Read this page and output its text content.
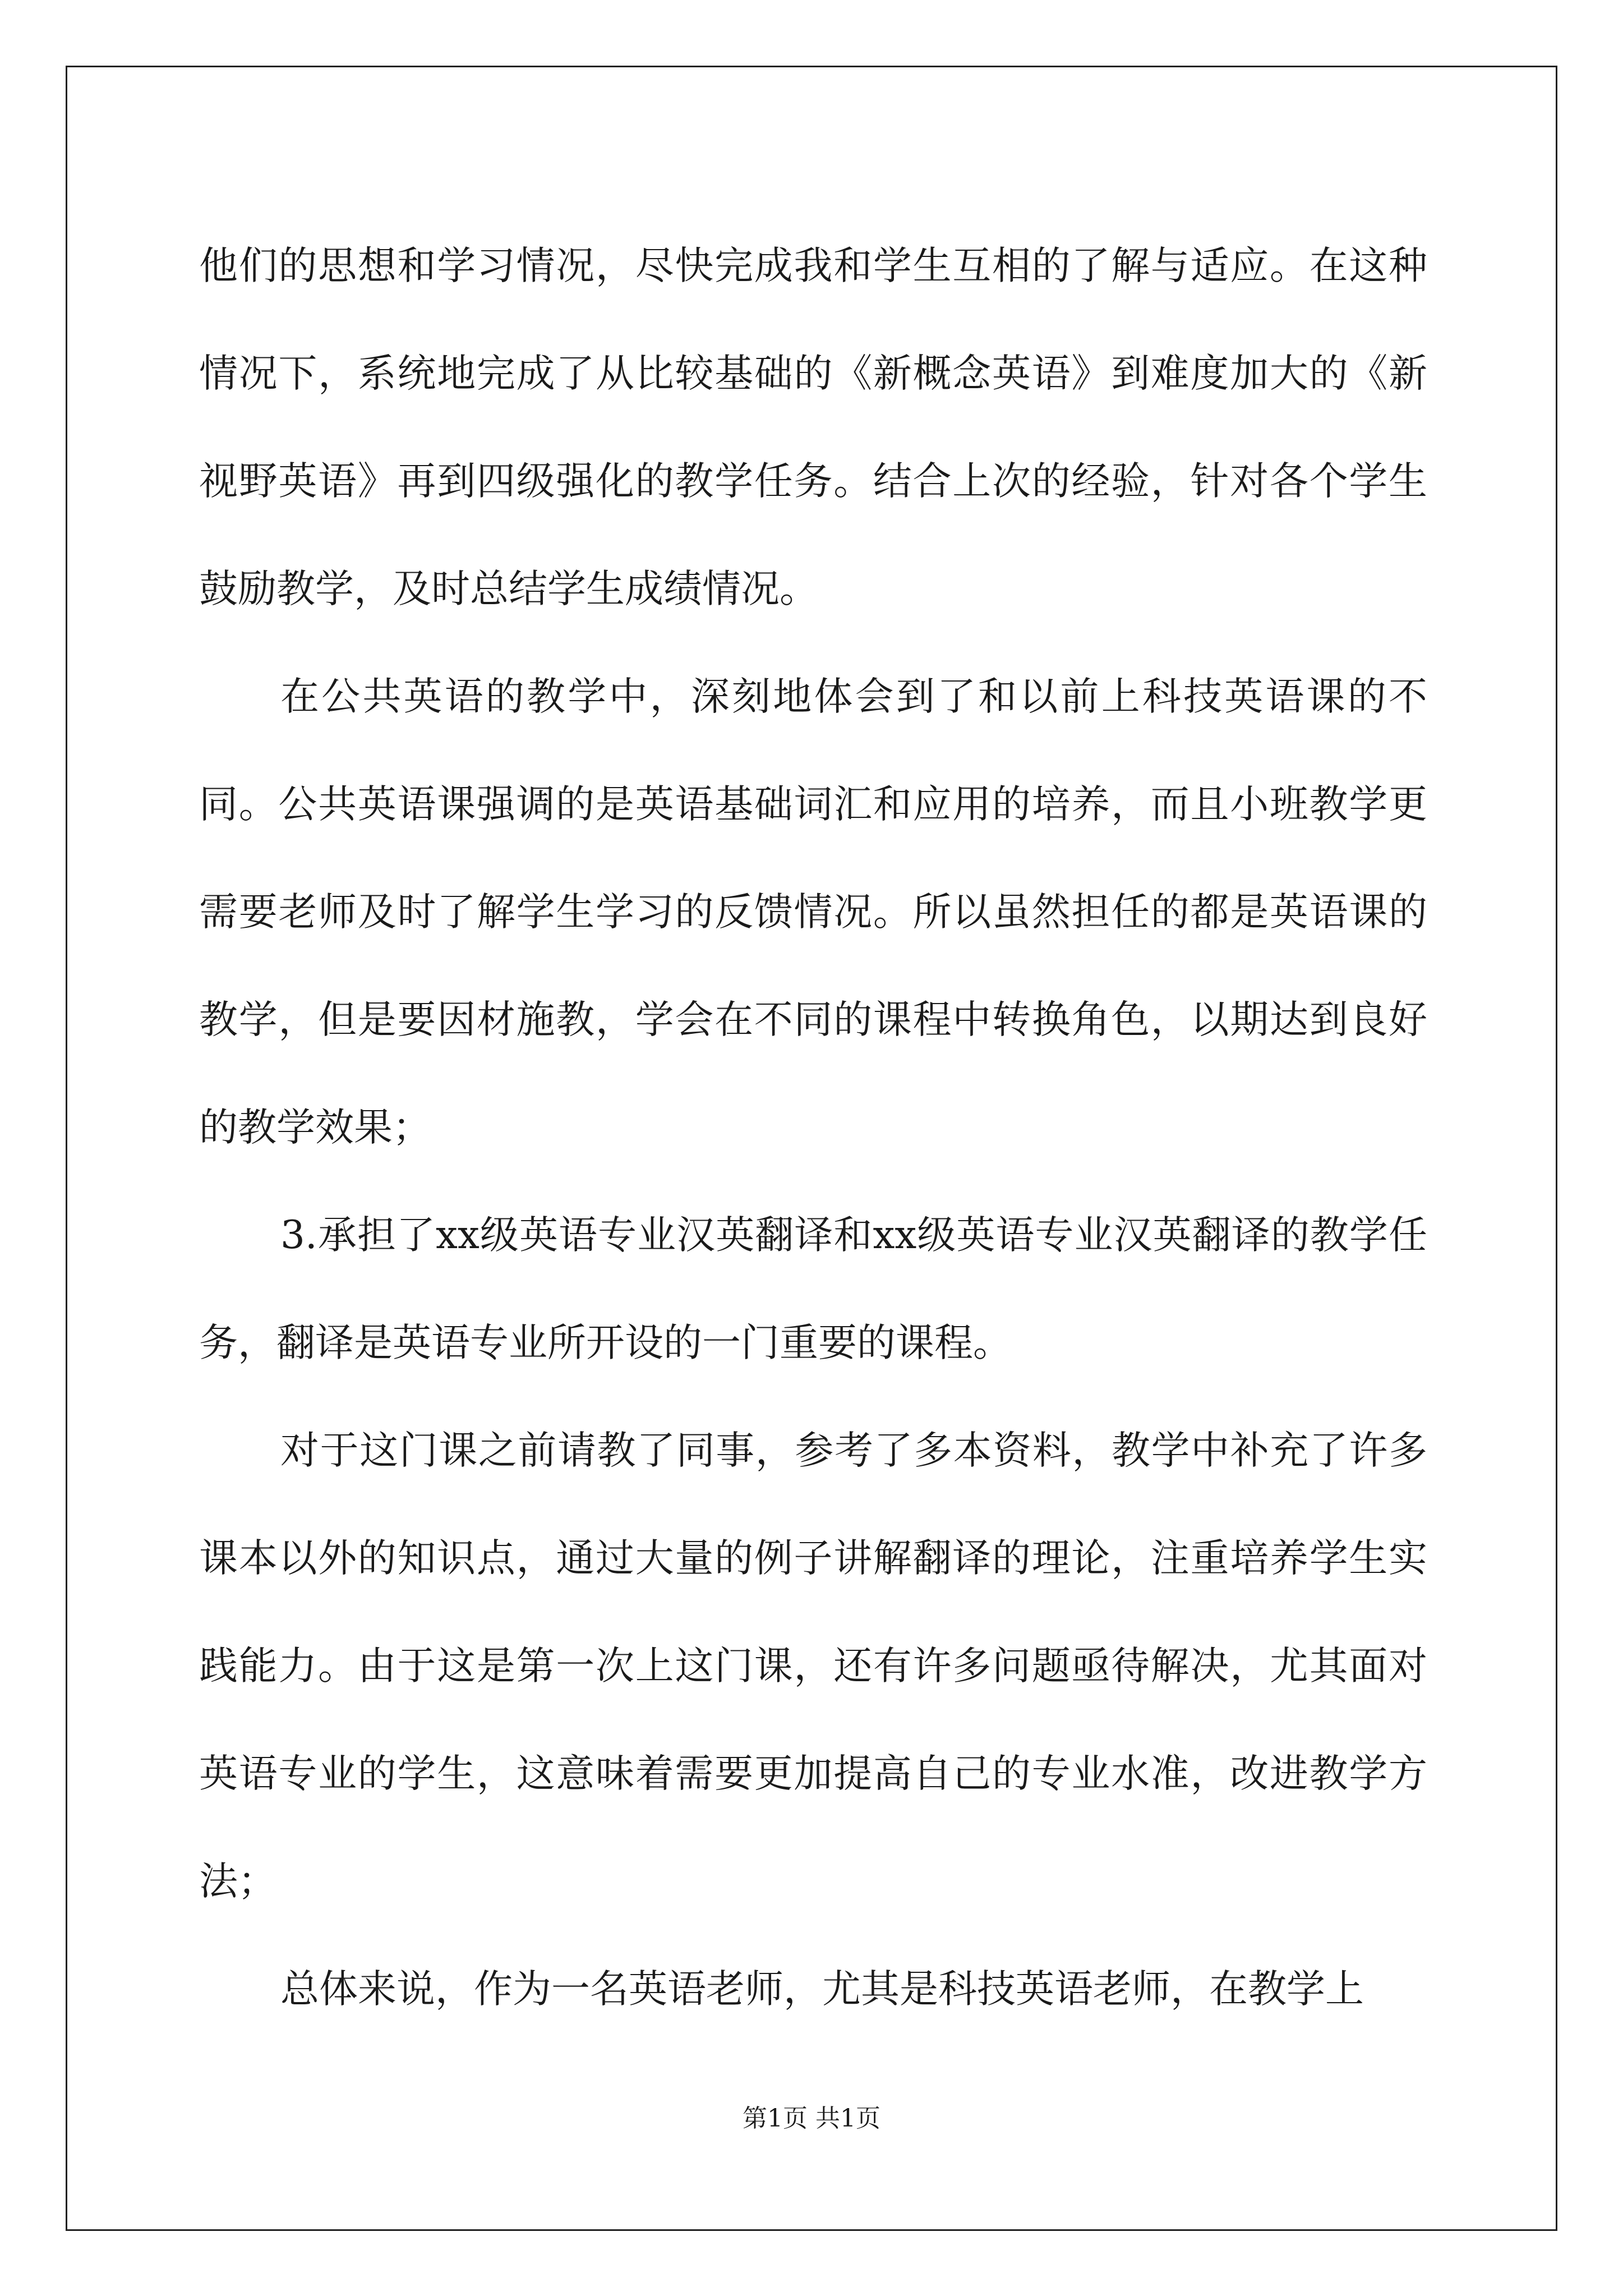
他们的思想和学习情况，尽快完成我和学生互相的了解与适应。在这种情况下，系统地完成了从比较基础的《新概念英语》到难度加大的《新视野英语》再到四级强化的教学任务。结合上次的经验，针对各个学生鼓励教学，及时总结学生成绩情况。

在公共英语的教学中，深刻地体会到了和以前上科技英语课的不同。公共英语课强调的是英语基础词汇和应用的培养，而且小班教学更需要老师及时了解学生学习的反馈情况。所以虽然担任的都是英语课的教学，但是要因材施教，学会在不同的课程中转换角色，以期达到良好的教学效果；

3.承担了xx级英语专业汉英翻译和xx级英语专业汉英翻译的教学任务，翻译是英语专业所开设的一门重要的课程。

对于这门课之前请教了同事，参考了多本资料，教学中补充了许多课本以外的知识点，通过大量的例子讲解翻译的理论，注重培养学生实践能力。由于这是第一次上这门课，还有许多问题亟待解决，尤其面对英语专业的学生，这意味着需要更加提高自己的专业水准，改进教学方法；

总体来说，作为一名英语老师，尤其是科技英语老师，在教学上

第1页 共1页
